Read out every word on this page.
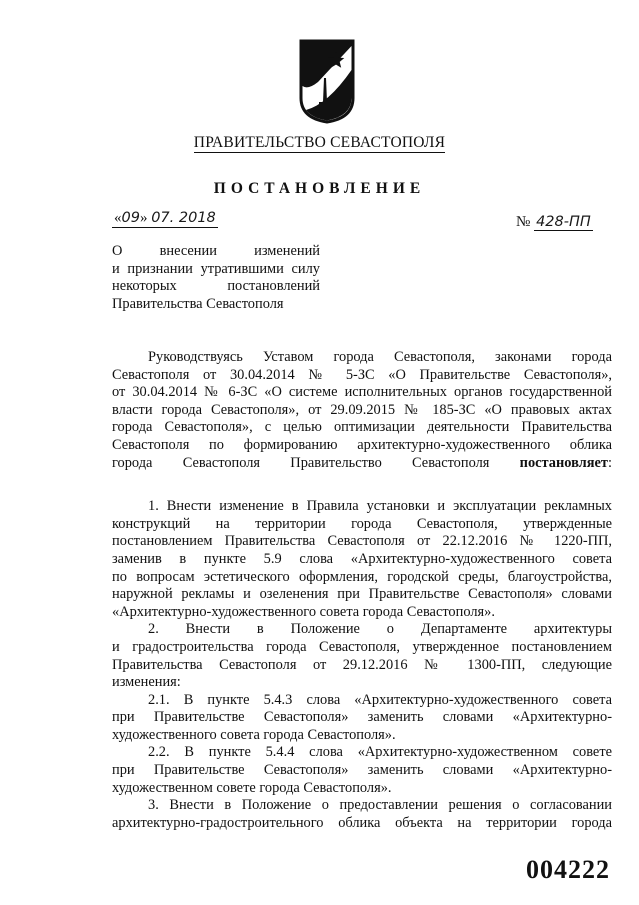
ПРАВИТЕЛЬСТВО СЕВАСТОПОЛЯ
ПОСТАНОВЛЕНИЕ
«09» 07. 2018	№ 428-ПП
О внесении изменений
и признании утратившими силу
некоторых постановлений
Правительства Севастополя
Руководствуясь Уставом города Севастополя, законами города
Севастополя от 30.04.2014 № 5-ЗС «О Правительстве Севастополя»,
от 30.04.2014 № 6-ЗС «О системе исполнительных органов государственной
власти города Севастополя», от 29.09.2015 № 185-ЗС «О правовых актах
города Севастополя», с целью оптимизации деятельности Правительства
Севастополя по формированию архитектурно-художественного облика
города Севастополя Правительство Севастополя постановляет:
1. Внести изменение в Правила установки и эксплуатации рекламных
конструкций на территории города Севастополя, утвержденные
постановлением Правительства Севастополя от 22.12.2016 № 1220-ПП,
заменив в пункте 5.9 слова «Архитектурно-художественного совета
по вопросам эстетического оформления, городской среды, благоустройства,
наружной рекламы и озеленения при Правительстве Севастополя» словами
«Архитектурно-художественного совета города Севастополя».
2. Внести в Положение о Департаменте архитектуры
и градостроительства города Севастополя, утвержденное постановлением
Правительства Севастополя от 29.12.2016 № 1300-ПП, следующие
изменения:
2.1. В пункте 5.4.3 слова «Архитектурно-художественного совета
при Правительстве Севастополя» заменить словами «Архитектурно-
художественного совета города Севастополя».
2.2. В пункте 5.4.4 слова «Архитектурно-художественном совете
при Правительстве Севастополя» заменить словами «Архитектурно-
художественном совете города Севастополя».
3. Внести в Положение о предоставлении решения о согласовании
архитектурно-градостроительного облика объекта на территории города
004222
